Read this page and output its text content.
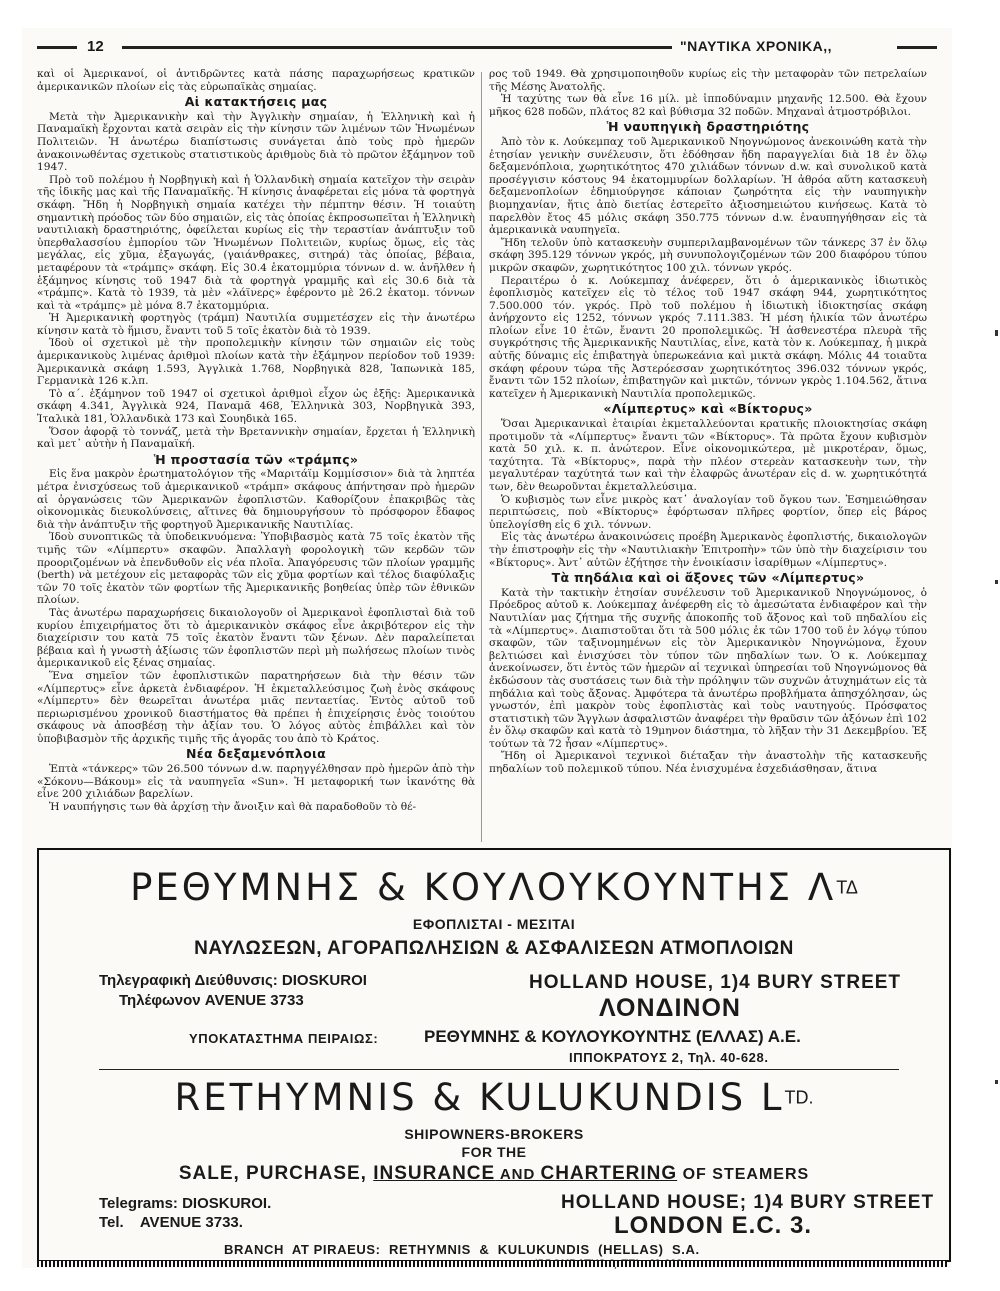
12	"ΝΑΥΤΙΚΑ ΧΡΟΝΙΚΑ,,

καὶ οἱ Ἀμερικανοί, οἱ ἀντιδρῶντες κατὰ πάσης παραχωρήσεως κρατικῶν ἀμερικανικῶν πλοίων εἰς τὰς εὐρωπαϊκὰς σημαίας.

Αἱ κατακτήσεις μας

Μετὰ τὴν Ἀμερικανικὴν καὶ τὴν Ἀγγλικὴν σημαίαν, ἡ Ἑλληνικὴ καὶ ἡ Παναμαϊκὴ ἔρχονται κατὰ σειρὰν εἰς τὴν κίνησιν τῶν λιμένων τῶν Ἡνωμένων Πολιτειῶν. Ἡ ἀνωτέρω διαπίστωσις συνάγεται ἀπὸ τοὺς πρὸ ἡμερῶν ἀνακοινωθέντας σχετικοὺς στατιστικοὺς ἀριθμοὺς διὰ τὸ πρῶτον ἑξάμηνον τοῦ 1947.

Πρὸ τοῦ πολέμου ἡ Νορβηγικὴ καὶ ἡ Ὁλλανδικὴ σημαία κατεῖχον τὴν σειρὰν τῆς ἰδικῆς μας καὶ τῆς Παναμαϊκῆς. Ἡ κίνησις ἀναφέρεται εἰς μόνα τὰ φορτηγὰ σκάφη. Ἤδη ἡ Νορβηγικὴ σημαία κατέχει τὴν πέμπτην θέσιν. Ἡ τοιαύτη σημαντικὴ πρόοδος τῶν δύο σημαιῶν, εἰς τὰς ὁποίας ἐκπροσωπεῖται ἡ Ἑλληνικὴ ναυτιλιακὴ δραστηριότης, ὀφείλεται κυρίως εἰς τὴν τεραστίαν ἀνάπτυξιν τοῦ ὑπερθαλασσίου ἐμπορίου τῶν Ἡνωμένων Πολιτειῶν, κυρίως ὅμως, εἰς τὰς μεγάλας, εἰς χῦμα, ἐξαγωγάς, (γαιάνθρακες, σιτηρά) τὰς ὁποίας, βέβαια, μεταφέρουν τὰ «τράμπς» σκάφη. Εἰς 30.4 ἑκατομμύρια τόννων d. w. ἀνῆλθεν ἡ ἑξάμηνος κίνησις τοῦ 1947 διὰ τὰ φορτηγὰ γραμμῆς καὶ εἰς 30.6 διὰ τὰ «τράμπς». Κατὰ τὸ 1939, τὰ μὲν «λάϊνερς» ἐφέροντο μὲ 26.2 ἑκατομ. τόννων καὶ τὰ «τράμπς» μὲ μόνα 8.7 ἑκατομμύρια.

Ἡ Ἀμερικανικὴ φορτηγὸς (τράμπ) Ναυτιλία συμμετέσχεν εἰς τὴν ἀνωτέρω κίνησιν κατὰ τὸ ἥμισυ, ἔναντι τοῦ 5 τοῖς ἑκατὸν διὰ τὸ 1939.

Ἰδοὺ οἱ σχετικοὶ μὲ τὴν προπολεμικὴν κίνησιν τῶν σημαιῶν εἰς τοὺς ἀμερικανικοὺς λιμένας ἀριθμοὶ πλοίων κατὰ τὴν ἑξάμηνον περίοδον τοῦ 1939: Ἀμερικανικὰ σκάφη 1.593, Ἀγγλικὰ 1.768, Νορβηγικὰ 828, Ἰαπωνικὰ 185, Γερμανικὰ 126 κ.λπ.

Τὸ α΄. ἑξάμηνον τοῦ 1947 οἱ σχετικοὶ ἀριθμοὶ εἶχον ὡς ἑξῆς: Ἀμερικανικὰ σκάφη 4.341, Ἀγγλικὰ 924, Παναμᾶ 468, Ἑλληνικὰ 303, Νορβηγικὰ 393, Ἰταλικὰ 181, Ὁλλανδικὰ 173 καὶ Σουηδικὰ 165.

Ὅσον ἀφορᾷ τὸ τοννάζ, μετὰ τὴν Βρεταννικὴν σημαίαν, ἔρχεται ἡ Ἑλληνικὴ καὶ μετ᾽ αὐτὴν ἡ Παναμαϊκή.

Ἡ προστασία τῶν «τράμπς»

Εἰς ἕνα μακρὸν ἐρωτηματολόγιον τῆς «Μαριτάϊμ Κομμίσσιον» διὰ τὰ ληπτέα μέτρα ἐνισχύσεως τοῦ ἀμερικανικοῦ «τράμπ» σκάφους ἀπήντησαν πρὸ ἡμερῶν αἱ ὀργανώσεις τῶν Ἀμερικανῶν ἐφοπλιστῶν. Καθορίζουν ἐπακριβῶς τὰς οἰκονομικὰς διευκολύνσεις, αἵτινες θὰ δημιουργήσουν τὸ πρόσφορον ἔδαφος διὰ τὴν ἀνάπτυξιν τῆς φορτηγοῦ Ἀμερικανικῆς Ναυτιλίας.

Ἰδοὺ συνοπτικῶς τὰ ὑποδεικνυόμενα: Ὑποβιβασμὸς κατὰ 75 τοῖς ἑκατὸν τῆς τιμῆς τῶν «Λίμπερτυ» σκαφῶν. Ἀπαλλαγὴ φορολογικὴ τῶν κερδῶν τῶν προοριζομένων νὰ ἐπενδυθοῦν εἰς νέα πλοῖα. Ἀπαγόρευσις τῶν πλοίων γραμμῆς (berth) νὰ μετέχουν εἰς μεταφορὰς τῶν εἰς χῦμα φορτίων καὶ τέλος διαφύλαξις τῶν 70 τοῖς ἑκατὸν τῶν φορτίων τῆς Ἀμερικανικῆς βοηθείας ὑπὲρ τῶν ἐθνικῶν πλοίων.

Τὰς ἀνωτέρω παραχωρήσεις δικαιολογοῦν οἱ Ἀμερικανοὶ ἐφοπλισταὶ διὰ τοῦ κυρίου ἐπιχειρήματος ὅτι τὸ ἀμερικανικὸν σκάφος εἶνε ἀκριβότερον εἰς τὴν διαχείρισιν του κατὰ 75 τοῖς ἑκατὸν ἔναντι τῶν ξένων. Δὲν παραλείπεται βέβαια καὶ ἡ γνωστὴ ἀξίωσις τῶν ἐφοπλιστῶν περὶ μὴ πωλήσεως πλοίων τινὸς ἀμερικανικοῦ εἰς ξένας σημαίας.

Ἕνα σημεῖον τῶν ἐφοπλιστικῶν παρατηρήσεων διὰ τὴν θέσιν τῶν «Λίμπερτυς» εἶνε ἀρκετὰ ἐνδιαφέρον. Ἡ ἐκμεταλλεύσιμος ζωὴ ἑνὸς σκάφους «Λίμπερτυ» δὲν θεωρεῖται ἀνωτέρα μιᾶς πενταετίας. Ἐντὸς αὐτοῦ τοῦ περιωρισμένου χρονικοῦ διαστήματος θὰ πρέπει ἡ ἐπιχείρησις ἑνὸς τοιούτου σκάφους νὰ ἀποσβέσῃ τὴν ἀξίαν του. Ὁ λόγος αὐτὸς ἐπιβάλλει καὶ τὸν ὑποβιβασμὸν τῆς ἀρχικῆς τιμῆς τῆς ἀγορᾶς του ἀπὸ τὸ Κράτος.

Νέα δεξαμενόπλοια

Ἐπτὰ «τάνκερς» τῶν 26.500 τόννων d.w. παρηγγέλθησαν πρὸ ἡμερῶν ἀπὸ τὴν «Σόκονυ—Βάκουμ» εἰς τὰ ναυπηγεῖα «Sun». Ἡ μεταφορική των ἱκανότης θὰ εἶνε 200 χιλιάδων βαρελίων.

Ἡ ναυπήγησις των θὰ ἀρχίσῃ τὴν ἄνοιξιν καὶ θὰ παραδοθοῦν τὸ θέ-

ρος τοῦ 1949. Θὰ χρησιμοποιηθοῦν κυρίως εἰς τὴν μεταφορὰν τῶν πετρελαίων τῆς Μέσης Ἀνατολῆς.

Ἡ ταχύτης των θὰ εἶνε 16 μίλ. μὲ ἱπποδύναμιν μηχανῆς 12.500. Θὰ ἔχουν μῆκος 628 ποδῶν, πλάτος 82 καὶ βύθισμα 32 ποδῶν. Μηχαναὶ ἀτμοστρόβιλοι.

Ἡ ναυπηγικὴ δραστηριότης

Ἀπὸ τὸν κ. Λούκεμπαχ τοῦ Ἀμερικανικοῦ Νηογνώμονος ἀνεκοινώθη κατὰ τὴν ἐτησίαν γενικὴν συνέλευσιν, ὅτι ἐδόθησαν ἤδη παραγγελίαι διὰ 18 ἐν ὅλῳ δεξαμενόπλοια, χωρητικότητος 470 χιλιάδων τόννων d.w. καὶ συνολικοῦ κατὰ προσέγγισιν κόστους 94 ἑκατομμυρίων δολλαρίων. Ἡ ἀθρόα αὕτη κατασκευὴ δεξαμενοπλοίων ἐδημιούργησε κάποιαν ζωηρότητα εἰς τὴν ναυπηγικὴν βιομηχανίαν, ἥτις ἀπὸ διετίας ἐστερεῖτο ἀξιοσημειώτου κινήσεως. Κατὰ τὸ παρελθὸν ἔτος 45 μόλις σκάφη 350.775 τόννων d.w. ἐναυπηγήθησαν εἰς τὰ ἀμερικανικὰ ναυπηγεῖα.

Ἤδη τελοῦν ὑπὸ κατασκευὴν συμπεριλαμβανομένων τῶν τάνκερς 37 ἐν ὅλῳ σκάφη 395.129 τόννων γκρός, μὴ συνυπολογιζομένων τῶν 200 διαφόρου τύπου μικρῶν σκαφῶν, χωρητικότητος 100 χιλ. τόννων γκρός.

Περαιτέρω ὁ κ. Λούκεμπαχ ἀνέφερεν, ὅτι ὁ ἀμερικανικὸς ἰδιωτικὸς ἐφοπλισμὸς κατεῖχεν εἰς τὸ τέλος τοῦ 1947 σκάφη 944, χωρητικότητος 7.500.000 τόν. γκρός. Πρὸ τοῦ πολέμου ἡ ἰδιωτικὴ ἰδιοκτησίας σκάφη ἀνήρχοντο εἰς 1252, τόννων γκρός 7.111.383. Ἡ μέση ἡλικία τῶν ἀνωτέρω πλοίων εἶνε 10 ἐτῶν, ἔναντι 20 προπολεμικῶς. Ἡ ἀσθενεστέρα πλευρὰ τῆς συγκρότησις τῆς Ἀμερικανικῆς Ναυτιλίας, εἶνε, κατὰ τὸν κ. Λούκεμπαχ, ἡ μικρὰ αὐτῆς δύναμις εἰς ἐπιβατηγὰ ὑπερωκεάνια καὶ μικτὰ σκάφη. Μόλις 44 τοιαῦτα σκάφη φέρουν τώρα τῆς Ἀστερόεσσαν χωρητικότητος 396.032 τόννων γκρός, ἔναντι τῶν 152 πλοίων, ἐπιβατηγῶν καὶ μικτῶν, τόννων γκρὸς 1.104.562, ἅτινα κατεῖχεν ἡ Ἀμερικανικὴ Ναυτιλία προπολεμικῶς.

«Λίμπερτυς» καὶ «Βίκτορυς»

Ὅσαι Ἀμερικανικαὶ ἑταιρίαι ἐκμεταλλεύονται κρατικῆς πλοιοκτησίας σκάφη προτιμοῦν τὰ «Λίμπερτυς» ἔναντι τῶν «Βίκτορυς». Τὰ πρῶτα ἔχουν κυβισμὸν κατὰ 50 χιλ. κ. π. ἀνώτερον. Εἶνε οἰκονομικώτερα, μὲ μικροτέραν, ὅμως, ταχύτητα. Τὰ «Βίκτορυς», παρὰ τὴν πλέον στερεὰν κατασκευὴν των, τὴν μεγαλυτέραν ταχύτητά των καὶ τὴν ἐλαφρῶς ἀνωτέραν εἰς d. w. χωρητικότητά των, δὲν θεωροῦνται ἐκμεταλλεύσιμα.

Ὁ κυβισμὸς των εἶνε μικρὸς κατ᾽ ἀναλογίαν τοῦ ὄγκου των. Ἐσημειώθησαν περιπτώσεις, ποὺ «Βίκτορυς» ἐφόρτωσαν πλῆρες φορτίον, ὅπερ εἰς βάρος ὑπελογίσθη εἰς 6 χιλ. τόννων.

Εἰς τὰς ἀνωτέρω ἀνακοινώσεις προέβη Ἀμερικανὸς ἐφοπλιστής, δικαιολογῶν τὴν ἐπιστροφὴν εἰς τὴν «Ναυτιλιακὴν Ἐπιτροπὴν» τῶν ὑπὸ τὴν διαχείρισιν του «Βίκτορυς». Ἀντ᾽ αὐτῶν ἐζήτησε τὴν ἐνοικίασιν ἰσαρίθμων «Λίμπερτυς».

Τὰ πηδάλια καὶ οἱ ἄξονες τῶν «Λίμπερτυς»

Κατὰ τὴν τακτικὴν ἐτησίαν συνέλευσιν τοῦ Ἀμερικανικοῦ Νηογνώμονος, ὁ Πρόεδρος αὐτοῦ κ. Λούκεμπαχ ἀνέφερθη εἰς τὸ ἀμεσώτατα ἐνδιαφέρον καὶ τὴν Ναυτιλίαν μας ζήτημα τῆς συχνῆς ἀποκοπῆς τοῦ ἄξονος καὶ τοῦ πηδαλίου εἰς τὰ «Λίμπερτυς». Διαπιστοῦται ὅτι τὰ 500 μόλις ἐκ τῶν 1700 τοῦ ἐν λόγῳ τύπου σκαφῶν, τῶν ταξινομημένων εἰς τὸν Ἀμερικανικὸν Νηογνώμονα, ἔχουν βελτιώσει καὶ ἐνισχύσει τὸν τύπον τῶν πηδαλίων των. Ὁ κ. Λούκεμπαχ ἀνεκοίνωσεν, ὅτι ἐντὸς τῶν ἡμερῶν αἱ τεχνικαὶ ὑπηρεσίαι τοῦ Νηογνώμονος θὰ ἐκδώσουν τὰς συστάσεις των διὰ τὴν πρόληψιν τῶν συχνῶν ἀτυχημάτων εἰς τὰ πηδάλια καὶ τοὺς ἄξονας. Ἀμφότερα τὰ ἀνωτέρω προβλήματα ἀπησχόλησαν, ὡς γνωστόν, ἐπὶ μακρὸν τοὺς ἐφοπλιστὰς καὶ τοὺς ναυτηγούς. Πρόσφατος στατιστικὴ τῶν Ἄγγλων ἀσφαλιστῶν ἀναφέρει τὴν θραῦσιν τῶν ἀξόνων ἐπὶ 102 ἐν ὅλῳ σκαφῶν καὶ κατὰ τὸ 19μηνον διάστημα, τὸ λῆξαν τὴν 31 Δεκεμβρίου. Ἐξ τούτων τὰ 72 ἦσαν «Λίμπερτυς».

Ἤδη οἱ Ἀμερικανοὶ τεχνικοὶ διέταξαν τὴν ἀναστολὴν τῆς κατασκευῆς πηδαλίων τοῦ πολεμικοῦ τύπου. Νέα ἐνισχυμένα ἐσχεδιάσθησαν, ἅτινα

ΡΕΘΥΜΝΗΣ & ΚΟΥΛΟΥΚΟΥΝΤΗΣ $\Lambda^{T\Delta}$
ΕΦΟΠΛΙΣΤΑΙ - ΜΕΣΙΤΑΙ
ΝΑΥΛΩΣΕΩΝ, ΑΓΟΡΑΠΩΛΗΣΙΩΝ & ΑΣΦΑΛΙΣΕΩΝ ΑΤΜΟΠΛΟΙΩΝ
Τηλεγραφικὴ Διεύθυνσις: DIOSKUROI
Τηλέφωνον AVENUE 3733
HOLLAND HOUSE, 1)4 BURY STREET
ΛΟΝΔΙΝΟΝ
ΥΠΟΚΑΤΑΣΤΗΜΑ ΠΕΙΡΑΙΩΣ:	ΡΕΘΥΜΝΗΣ & ΚΟΥΛΟΥΚΟΥΝΤΗΣ (ΕΛΛΑΣ) Α.Ε.
ΙΠΠΟΚΡΑΤΟΥΣ 2, Τηλ. 40-628.
RETHYMNIS & KULUKUNDIS $L^{TD.}$
SHIPOWNERS-BROKERS
FOR THE
SALE, PURCHASE, INSURANCE AND CHARTERING OF STEAMERS
Telegrams: DIOSKUROI.
Tel.    AVENUE 3733.
HOLLAND HOUSE; 1)4 BURY STREET
LONDON E.C. 3.
BRANCH  AT PIRAEUS:  RETHYMNIS  &  KULUKUNDIS  (HELLAS)  S.A.
